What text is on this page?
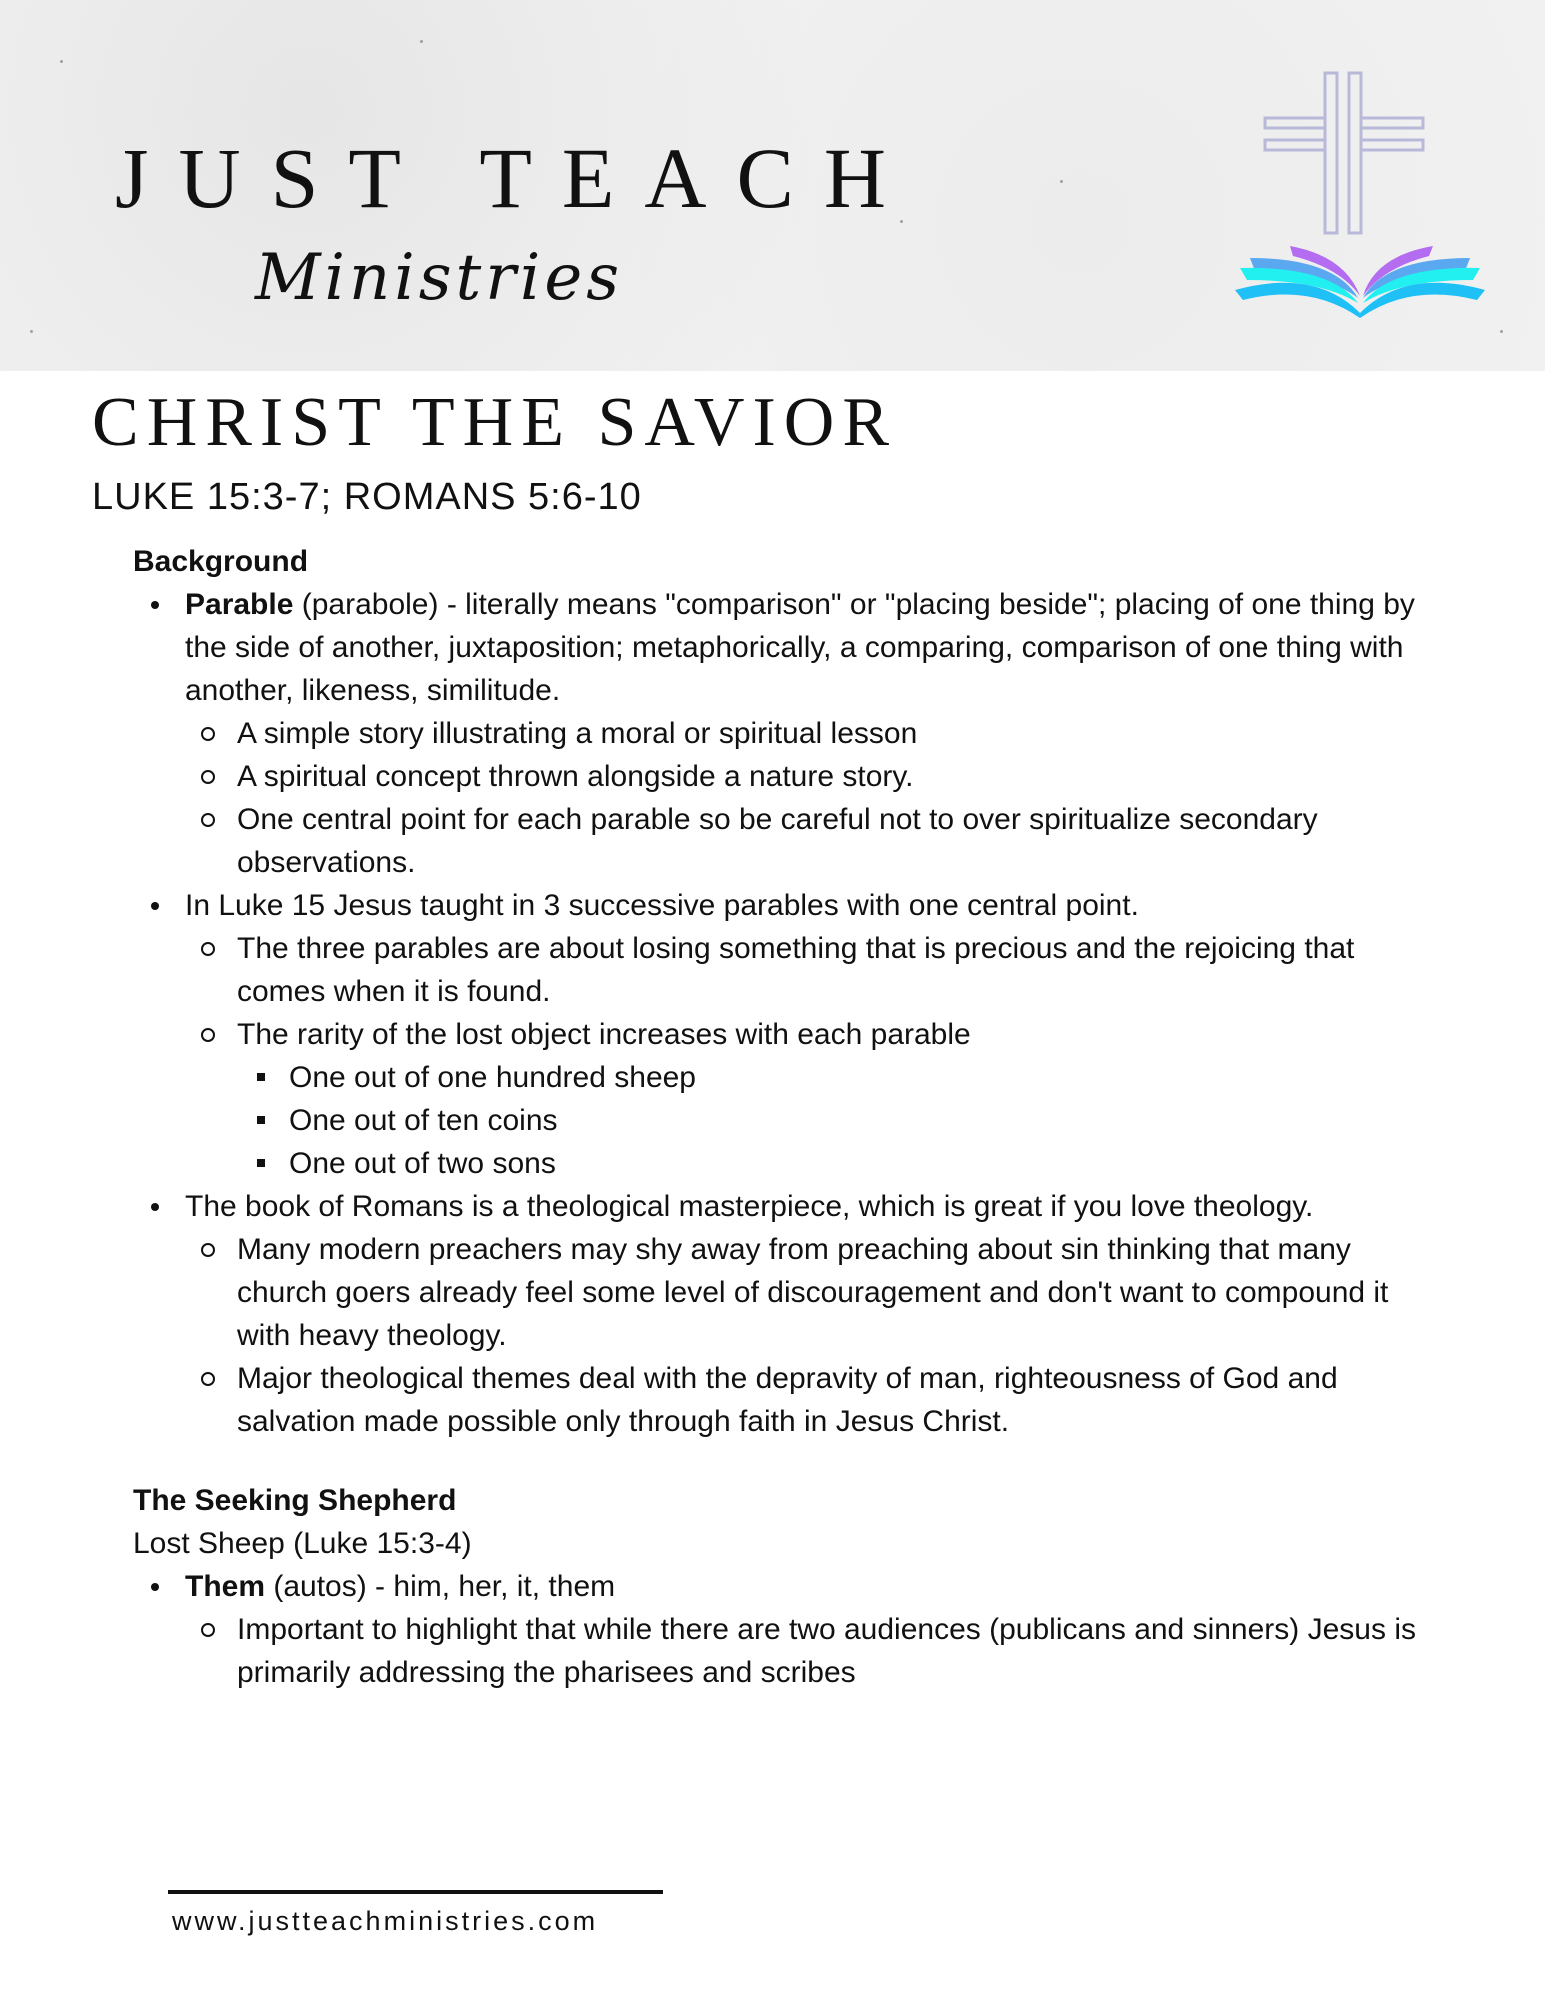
JUST TEACH
Ministries
CHRIST THE SAVIOR
LUKE 15:3-7; ROMANS 5:6-10
Background
Parable (parabole) - literally means "comparison" or "placing beside"; placing of one thing by the side of another, juxtaposition; metaphorically, a comparing, comparison of one thing with another, likeness, similitude.
A simple story illustrating a moral or spiritual lesson
A spiritual concept thrown alongside a nature story.
One central point for each parable so be careful not to over spiritualize secondary observations.
In Luke 15 Jesus taught in 3 successive parables with one central point.
The three parables are about losing something that is precious and the rejoicing that comes when it is found.
The rarity of the lost object increases with each parable
One out of one hundred sheep
One out of ten coins
One out of two sons
The book of Romans is a theological masterpiece, which is great if you love theology.
Many modern preachers may shy away from preaching about sin thinking that many church goers already feel some level of discouragement and don't want to compound it with heavy theology.
Major theological themes deal with the depravity of man, righteousness of God and salvation made possible only through faith in Jesus Christ.
The Seeking Shepherd
Lost Sheep (Luke 15:3-4)
Them (autos) - him, her, it, them
Important to highlight that while there are two audiences (publicans and sinners) Jesus is primarily addressing the pharisees and scribes
www.justteachministries.com
